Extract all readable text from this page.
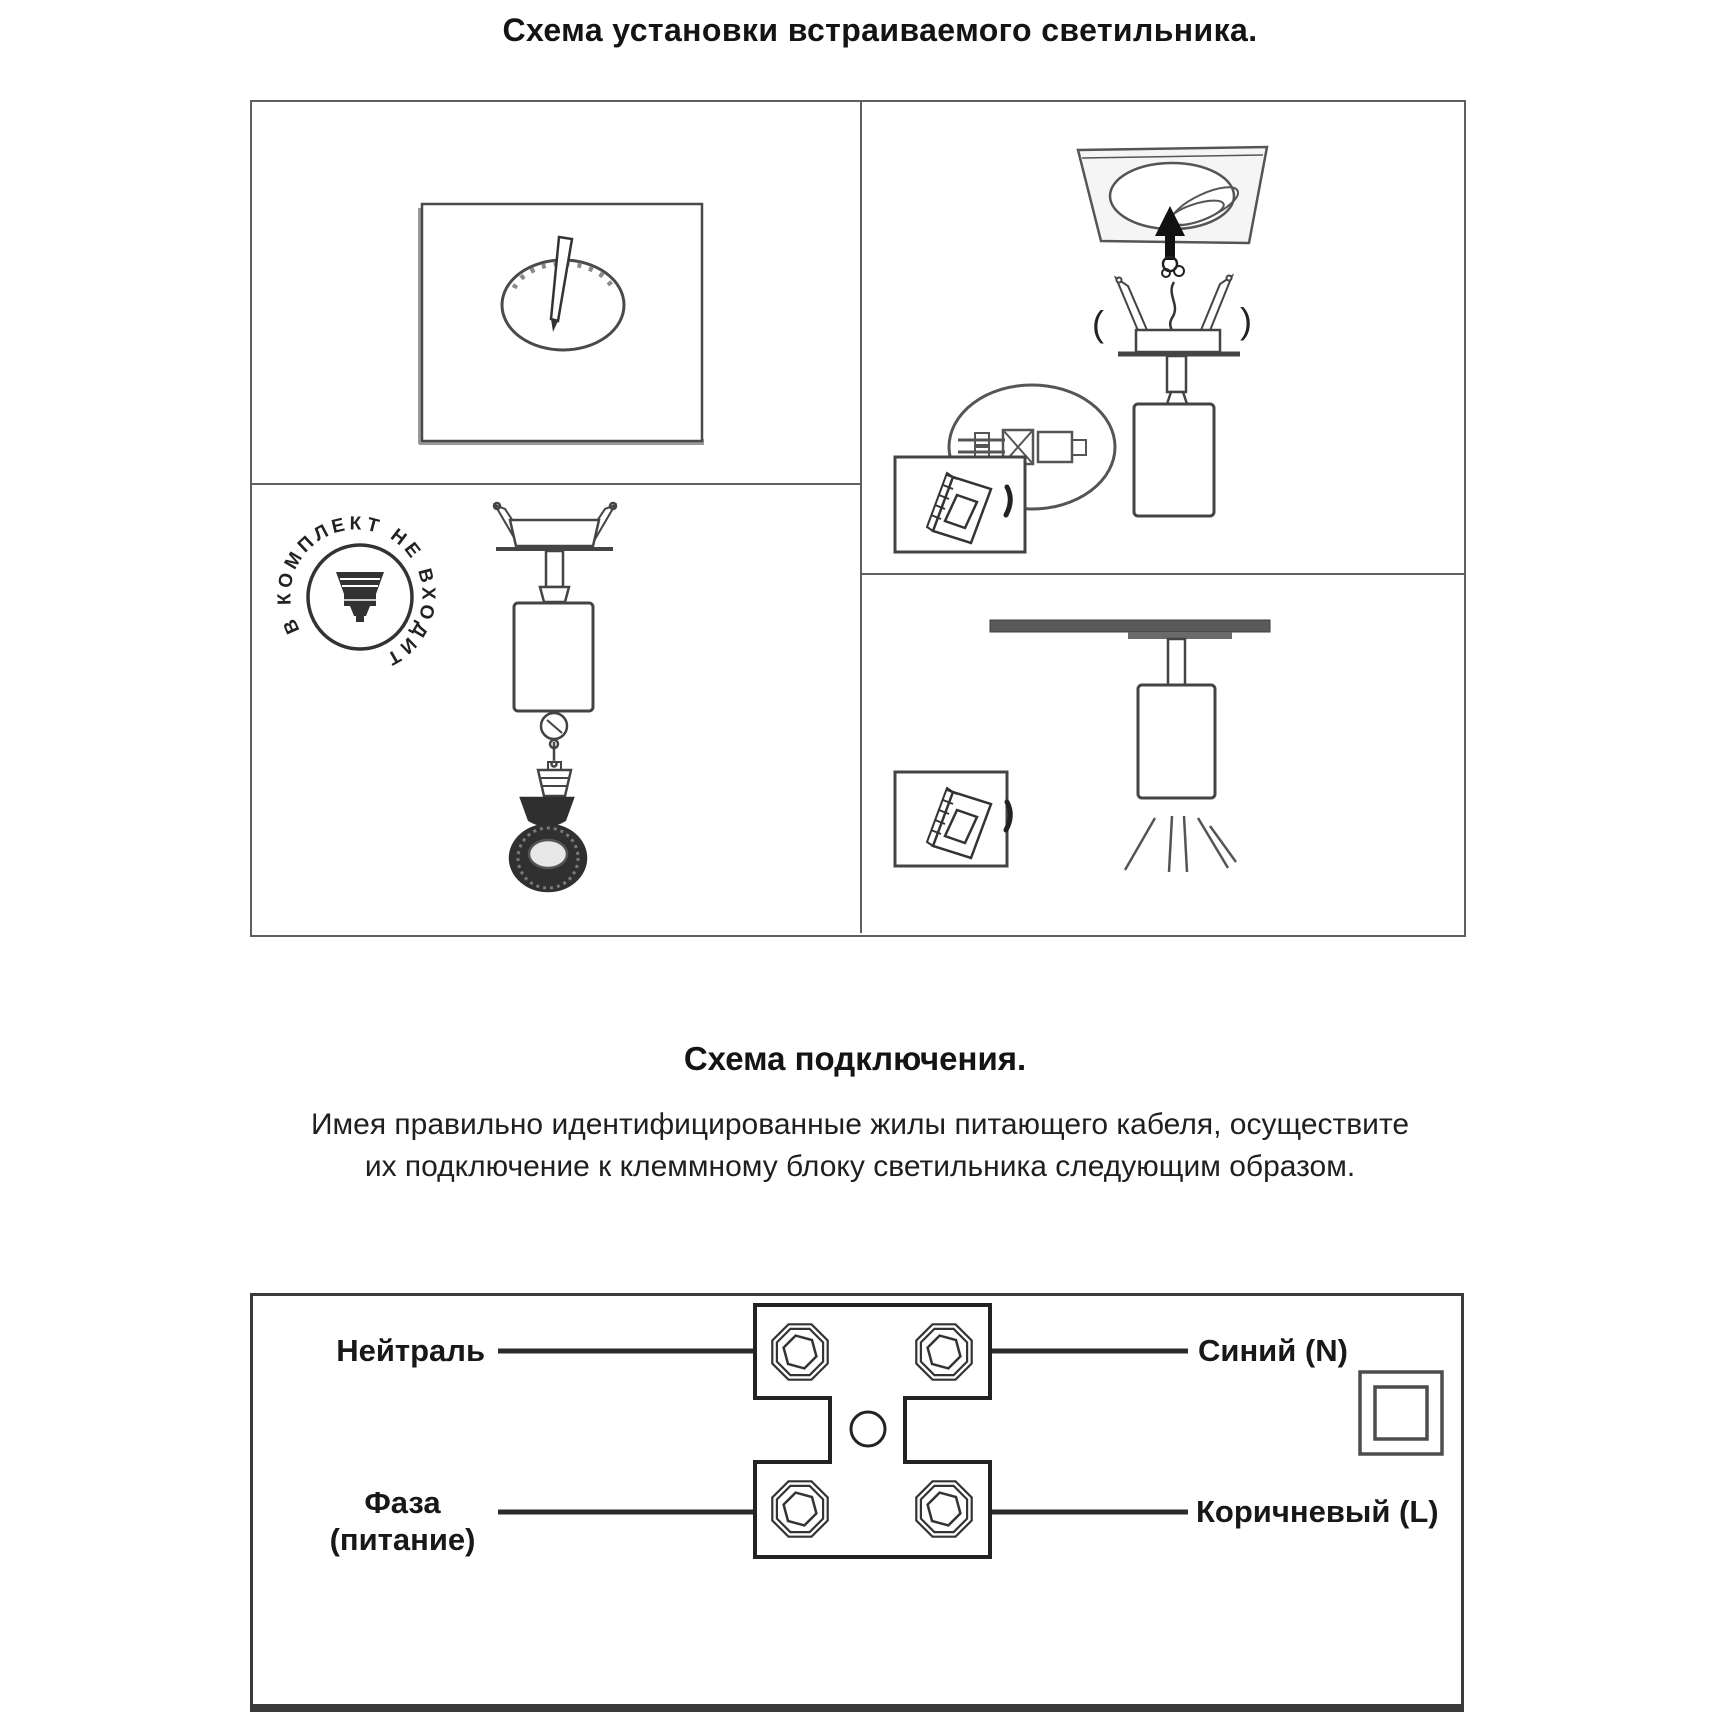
Схема установки встраиваемого светильника.
В КОМПЛЕКТ НЕ ВХОДИТ
(	)
Схема подключения.
Имея правильно идентифицированные жилы питающего кабеля, осуществите
их подключение к клеммному блоку светильника следующим образом.
Нейтраль	Синий (N)
Фаза
(питание)
Коричневый (L)
